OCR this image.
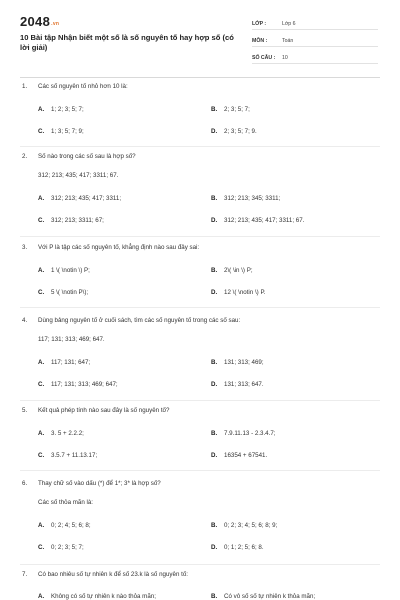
2048.vn
10 Bài tập Nhận biết một số là số nguyên tố hay hợp số (có lời giải)
LỚP :	Lớp 6
MÔN :	Toán
SỐ CÂU :	10
1. Các số nguyên tố nhỏ hơn 10 là:
A. 1; 2; 3; 5; 7;	B. 2; 3; 5; 7;
C. 1; 3; 5; 7; 9;	D. 2; 3; 5; 7; 9.
2. Số nào trong các số sau là hợp số?
312; 213; 435; 417; 3311; 67.
A. 312; 213; 435; 417; 3311;	B. 312; 213; 345; 3311;
C. 312; 213; 3311; 67;	D. 312; 213; 435; 417; 3311; 67.
3. Với P là tập các số nguyên tố, khẳng định nào sau đây sai:
A. 1 \( \notin \) P;	B. 2\( \in \) P;
C. 5 \( \notin P\);	D. 12 \( \notin \) P.
4. Dùng bảng nguyên tố ở cuối sách, tìm các số nguyên tố trong các số sau:
117; 131; 313; 469; 647.
A. 117; 131; 647;	B. 131; 313; 469;
C. 117; 131; 313; 469; 647;	D. 131; 313; 647.
5. Kết quả phép tính nào sau đây là số nguyên tố?
A. 3. 5 + 2.2.2;	B. 7.9.11.13 - 2.3.4.7;
C. 3.5.7 + 11.13.17;	D. 16354 + 67541.
6. Thay chữ số vào dấu (*) để 1*; 3* là hợp số?
Các số thỏa mãn là:
A. 0; 2; 4; 5; 6; 8;	B. 0; 2; 3; 4; 5; 6; 8; 9;
C. 0; 2; 3; 5; 7;	D. 0; 1; 2; 5; 6; 8.
7. Có bao nhiêu số tự nhiên k để số 23.k là số nguyên tố:
A. Không có số tự nhiên k nào thỏa mãn;	B. Có vô số số tự nhiên k thỏa mãn;
